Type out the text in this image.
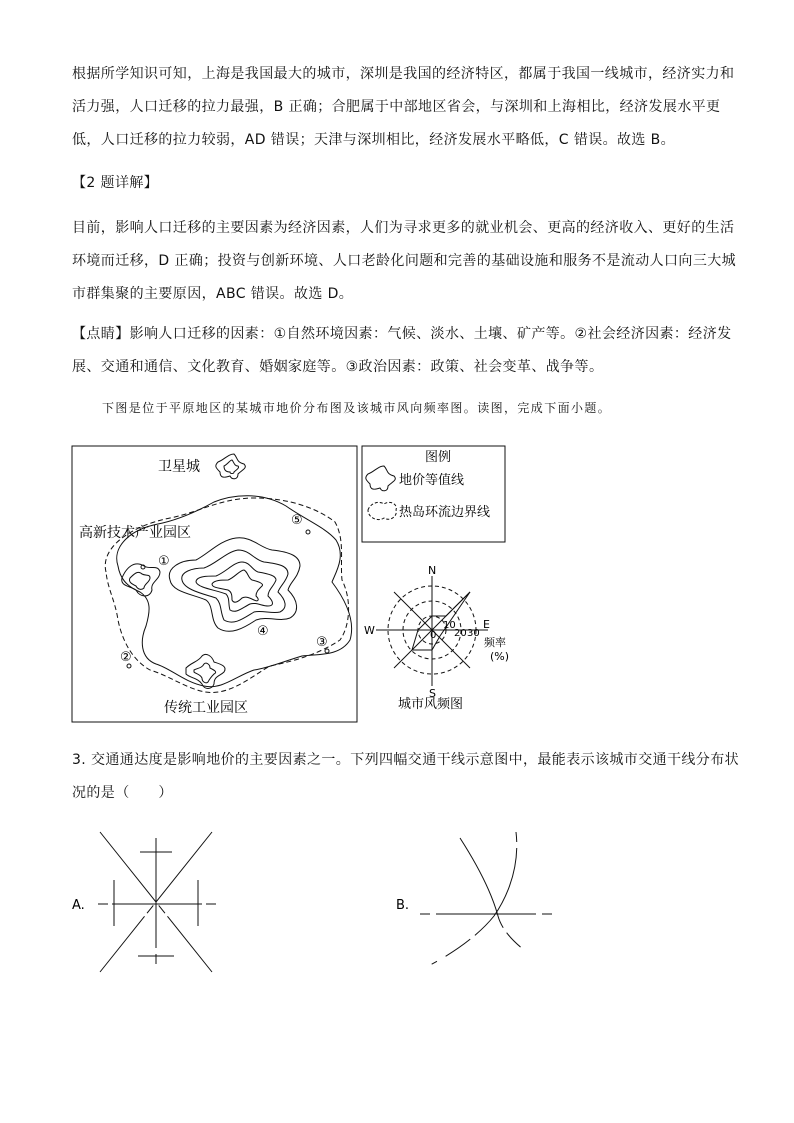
根据所学知识可知，上海是我国最大的城市，深圳是我国的经济特区，都属于我国一线城市，经济实力和
活力强，人口迁移的拉力最强，B 正确；合肥属于中部地区省会，与深圳和上海相比，经济发展水平更
低，人口迁移的拉力较弱，AD 错误；天津与深圳相比，经济发展水平略低，C 错误。故选 B。
【2 题详解】
目前，影响人口迁移的主要因素为经济因素，人们为寻求更多的就业机会、更高的经济收入、更好的生活
环境而迁移，D 正确；投资与创新环境、人口老龄化问题和完善的基础设施和服务不是流动人口向三大城
市群集聚的主要原因，ABC 错误。故选 D。
【点睛】影响人口迁移的因素：①自然环境因素：气候、淡水、土壤、矿产等。②社会经济因素：经济发
展、交通和通信、文化教育、婚姻家庭等。③政治因素：政策、社会变革、战争等。
下图是位于平原地区的某城市地价分布图及该城市风向频率图。读图，完成下面小题。
卫星城
高新技术产业园区
传统工业园区
①
②
③
④
⑤
图例
地价等值线
热岛环流边界线
N
S
W	E
0
10
20 30
频率
(%)
城市风频图
A.	B.
3. 交通通达度是影响地价的主要因素之一。下列四幅交通干线示意图中，最能表示该城市交通干线分布状
况的是（　　）
